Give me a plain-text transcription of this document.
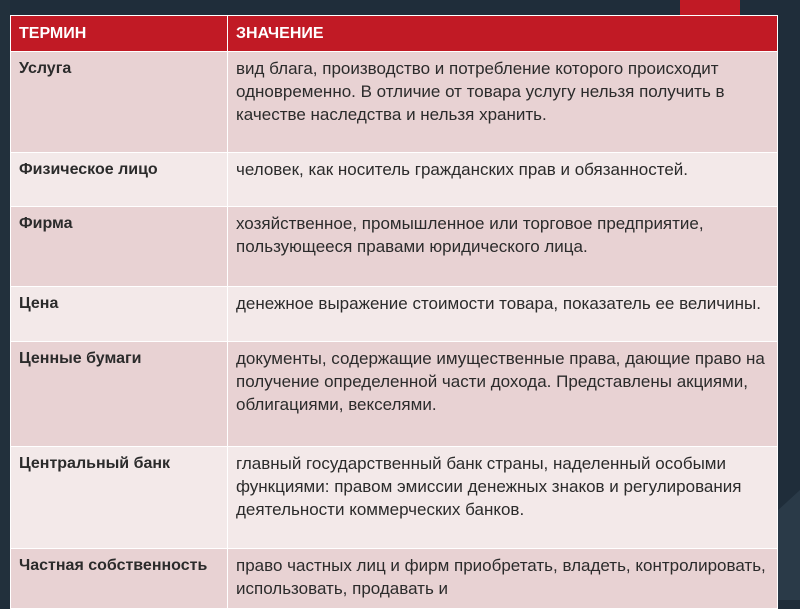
ТЕРМИН	ЗНАЧЕНИЕ
Услуга	вид блага, производство и потребление которого происходит одновременно. В отличие от товара услугу нельзя получить в качестве наследства и нельзя хранить.
Физическое лицо	человек, как носитель гражданских прав и обязанностей.
Фирма	хозяйственное, промышленное или торговое предприятие, пользующееся правами юридического лица.
Цена	денежное выражение стоимости товара, показатель ее величины.
Ценные бумаги	документы, содержащие имущественные права, дающие право на получение определенной части дохода. Представлены акциями, облигациями, векселями.
Центральный банк	главный государственный банк страны, наделенный особыми функциями: правом эмиссии денежных знаков и регулирования деятельности коммерческих банков.
Частная собственность	право частных лиц и фирм приобретать, владеть, контролировать, использовать, продавать и
